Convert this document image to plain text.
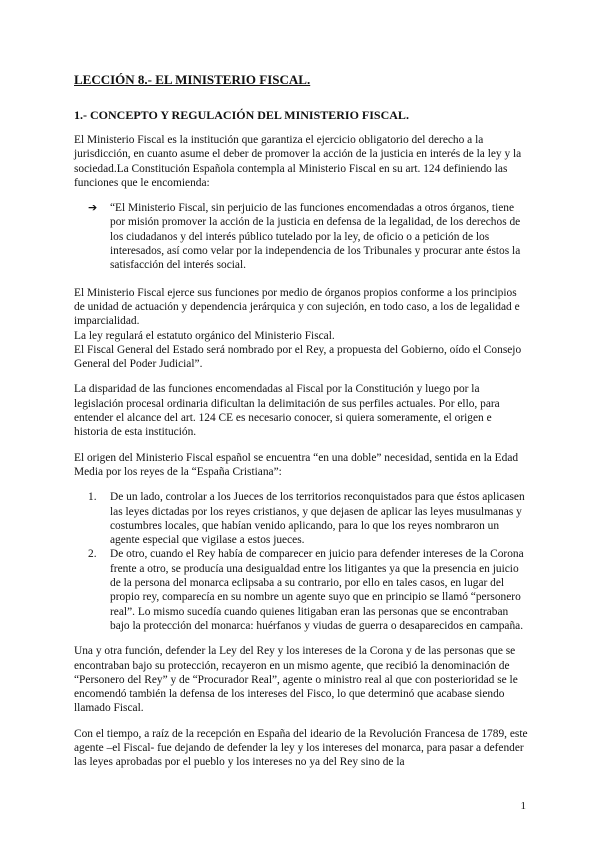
LECCIÓN 8.- EL MINISTERIO FISCAL.
1.- CONCEPTO Y REGULACIÓN DEL MINISTERIO FISCAL.

El Ministerio Fiscal es la institución que garantiza el ejercicio obligatorio del derecho a la jurisdicción, en cuanto asume el deber de promover la acción de la justicia en interés de la ley y la sociedad.La Constitución Española contempla al Ministerio Fiscal en su art. 124 definiendo las funciones que le encomienda:

➔	“El Ministerio Fiscal, sin perjuicio de las funciones encomendadas a otros órganos, tiene por misión promover la acción de la justicia en defensa de la legalidad, de los derechos de los ciudadanos y del interés público tutelado por la ley, de oficio o a petición de los interesados, así como velar por la independencia de los Tribunales y procurar ante éstos la satisfacción del interés social.

El Ministerio Fiscal ejerce sus funciones por medio de órganos propios conforme a los principios de unidad de actuación y dependencia jerárquica y con sujeción, en todo caso, a los de legalidad e imparcialidad.

La ley regulará el estatuto orgánico del Ministerio Fiscal.

El Fiscal General del Estado será nombrado por el Rey, a propuesta del Gobierno, oído el Consejo General del Poder Judicial”.

La disparidad de las funciones encomendadas al Fiscal por la Constitución y luego por la legislación procesal ordinaria dificultan la delimitación de sus perfiles actuales. Por ello, para entender el alcance del art. 124 CE es necesario conocer, si quiera someramente, el origen e historia de esta institución.

El origen del Ministerio Fiscal español se encuentra “en una doble” necesidad, sentida en la Edad Media por los reyes de la “España Cristiana”:

1.	De un lado, controlar a los Jueces de los territorios reconquistados para que éstos aplicasen las leyes dictadas por los reyes cristianos, y que dejasen de aplicar las leyes musulmanas y costumbres locales, que habían venido aplicando, para lo que los reyes nombraron un agente especial que vigilase a estos jueces.
2.	De otro, cuando el Rey había de comparecer en juicio para defender intereses de la Corona frente a otro, se producía una desigualdad entre los litigantes ya que la presencia en juicio de la persona del monarca eclipsaba a su contrario, por ello en tales casos, en lugar del propio rey, comparecía en su nombre un agente suyo que en principio se llamó “personero real”. Lo mismo sucedía cuando quienes litigaban eran las personas que se encontraban bajo la protección del monarca: huérfanos y viudas de guerra o desaparecidos en campaña.

Una y otra función, defender la Ley del Rey y los intereses de la Corona y de las personas que se encontraban bajo su protección, recayeron en un mismo agente, que recibió la denominación de “Personero del Rey” y de “Procurador Real”, agente o ministro real al que con posterioridad se le encomendó también la defensa de los intereses del Fisco, lo que determinó que acabase siendo llamado Fiscal.

Con el tiempo, a raíz de la recepción en España del ideario de la Revolución Francesa de 1789, este agente –el Fiscal- fue dejando de defender la ley y los intereses del monarca, para pasar a defender las leyes aprobadas por el pueblo y los intereses no ya del Rey sino de la

1
